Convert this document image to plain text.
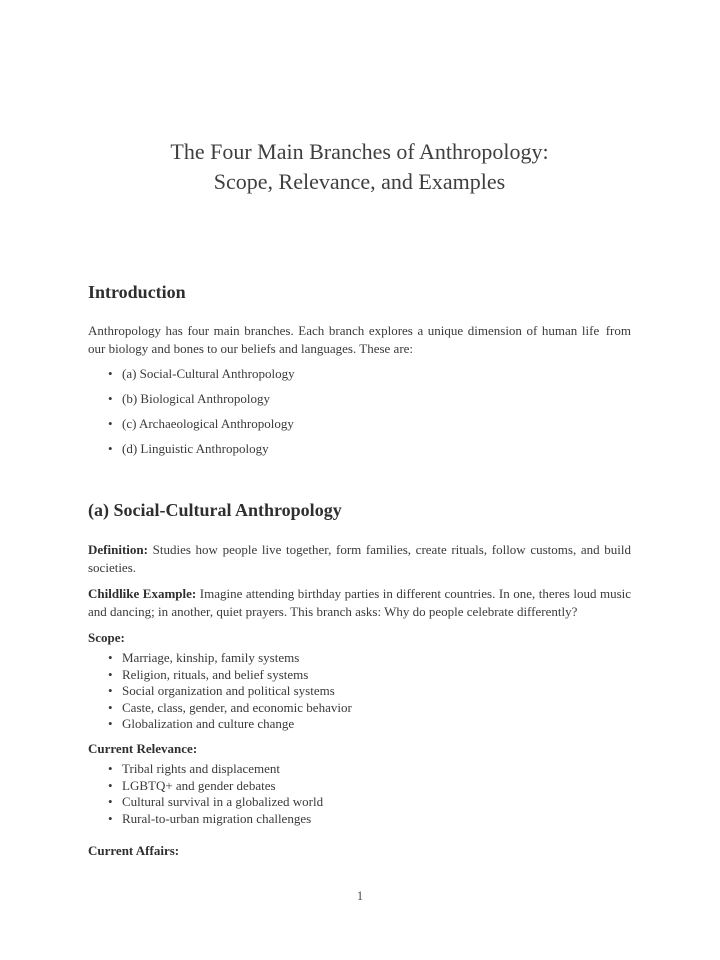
The Four Main Branches of Anthropology:
Scope, Relevance, and Examples
Introduction

Anthropology has four main branches. Each branch explores a unique dimension of human life from our biology and bones to our beliefs and languages. These are:

•
(a) Social-Cultural Anthropology
•
(b) Biological Anthropology
•
(c) Archaeological Anthropology
•
(d) Linguistic Anthropology
(a) Social-Cultural Anthropology

Definition: Studies how people live together, form families, create rituals, follow customs, and build societies.

Childlike Example: Imagine attending birthday parties in different countries. In one, theres loud music and dancing; in another, quiet prayers. This branch asks: Why do people celebrate differently?

Scope:

•
Marriage, kinship, family systems
•
Religion, rituals, and belief systems
•
Social organization and political systems
•
Caste, class, gender, and economic behavior
•
Globalization and culture change

Current Relevance:

•
Tribal rights and displacement
•
LGBTQ+ and gender debates
•
Cultural survival in a globalized world
•
Rural-to-urban migration challenges

Current Affairs:

1
